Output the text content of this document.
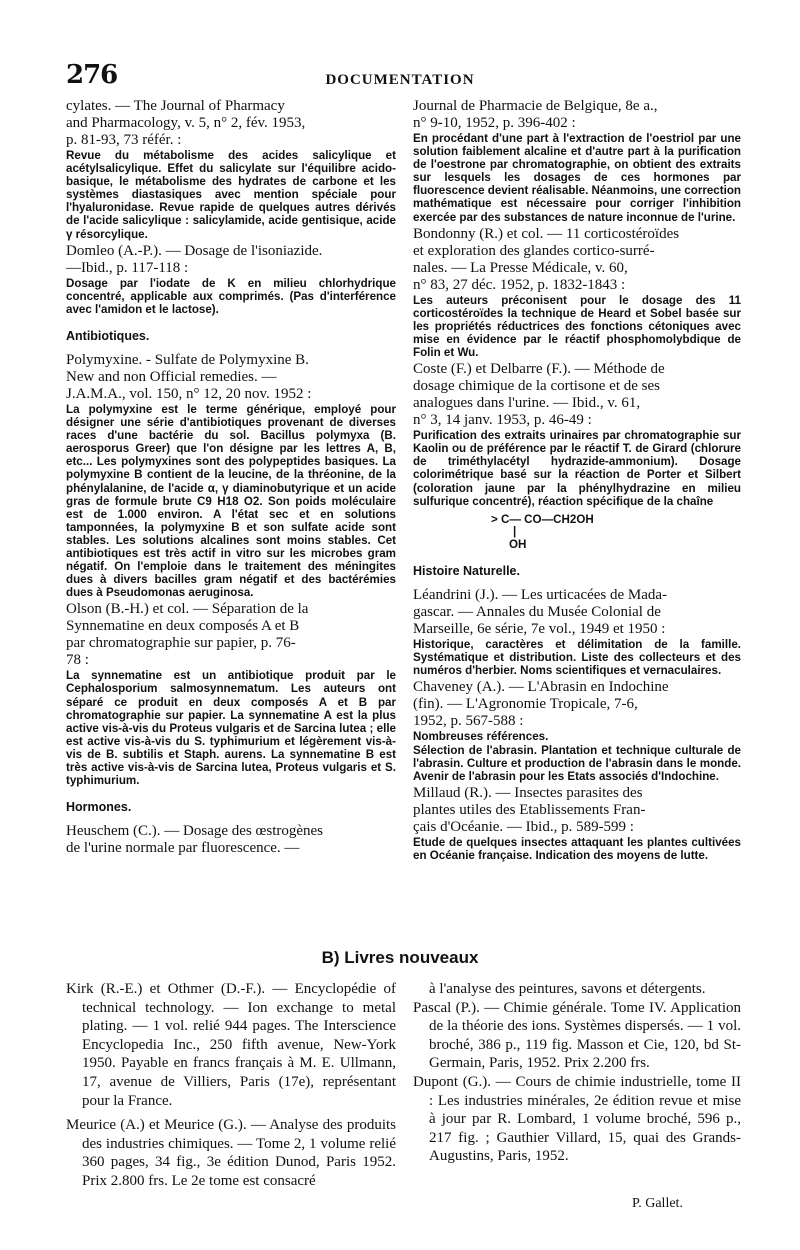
276	DOCUMENTATION
cylates. — The Journal of Pharmacy
and Pharmacology, v. 5, n° 2, fév. 1953,
p. 81-93, 73 référ. :

Revue du métabolisme des acides salicylique et acétylsalicylique. Effet du salicylate sur l'équilibre acido-basique, le métabolisme des hydrates de carbone et les systèmes diastasiques avec mention spéciale pour l'hyaluronidase. Revue rapide de quelques autres dérivés de l'acide salicylique : salicylamide, acide gentisique, acide γ résorcylique.

Domleo (A.-P.). — Dosage de l'isoniazide.
—Ibid., p. 117-118 :

Dosage par l'iodate de K en milieu chlorhydrique concentré, applicable aux comprimés. (Pas d'interférence avec l'amidon et le lactose).

Antibiotiques.
Polymyxine. - Sulfate de Polymyxine B.
New and non Official remedies. —
J.A.M.A., vol. 150, n° 12, 20 nov. 1952 :

La polymyxine est le terme générique, employé pour désigner une série d'antibiotiques provenant de diverses races d'une bactérie du sol. Bacillus polymyxa (B. aerosporus Greer) que l'on désigne par les lettres A, B, etc... Les polymyxines sont des polypeptides basiques. La polymyxine B contient de la leucine, de la thréonine, de la phénylalanine, de l'acide α, γ diaminobutyrique et un acide gras de formule brute C9 H18 O2. Son poids moléculaire est de 1.000 environ. A l'état sec et en solutions tamponnées, la polymyxine B et son sulfate acide sont stables. Les solutions alcalines sont moins stables. Cet antibiotiques est très actif in vitro sur les microbes gram négatif. On l'emploie dans le traitement des méningites dues à divers bacilles gram négatif et des bactérémies dues à Pseudomonas aeruginosa.

Olson (B.-H.) et col. — Séparation de la
Synnematine en deux composés A et B
par chromatographie sur papier, p. 76-
78 :

La synnematine est un antibiotique produit par le Cephalosporium salmosynnematum. Les auteurs ont séparé ce produit en deux composés A et B par chromatographie sur papier. La synnematine A est la plus active vis-à-vis du Proteus vulgaris et de Sarcina lutea ; elle est active vis-à-vis du S. typhimurium et légèrement vis-à-vis de B. subtilis et Staph. aurens. La synnematine B est très active vis-à-vis de Sarcina lutea, Proteus vulgaris et S. typhimurium.

Hormones.
Heuschem (C.). — Dosage des œstrogènes
de l'urine normale par fluorescence. —
Journal de Pharmacie de Belgique, 8e a.,
n° 9-10, 1952, p. 396-402 :

En procédant d'une part à l'extraction de l'oestriol par une solution faiblement alcaline et d'autre part à la purification de l'oestrone par chromatographie, on obtient des extraits sur lesquels les dosages de ces hormones par fluorescence devient réalisable. Néanmoins, une correction mathématique est nécessaire pour corriger l'inhibition exercée par des substances de nature inconnue de l'urine.

Bondonny (R.) et col. — 11 corticostéroïdes
et exploration des glandes cortico-surré-
nales. — La Presse Médicale, v. 60,
n° 83, 27 déc. 1952, p. 1832-1843 :

Les auteurs préconisent pour le dosage des 11 corticostéroïdes la technique de Heard et Sobel basée sur les propriétés réductrices des fonctions cétoniques avec mise en évidence par le réactif phosphomolybdique de Folin et Wu.

Coste (F.) et Delbarre (F.). — Méthode de
dosage chimique de la cortisone et de ses
analogues dans l'urine. — Ibid., v. 61,
n° 3, 14 janv. 1953, p. 46-49 :

Purification des extraits urinaires par chromatographie sur Kaolin ou de préférence par le réactif T. de Girard (chlorure de triméthylacétyl hydrazide-ammonium). Dosage colorimétrique basé sur la réaction de Porter et Silbert (coloration jaune par la phénylhydrazine en milieu sulfurique concentré), réaction spécifique de la chaîne

> C— CO—CH2OH
|
OH
Histoire Naturelle.
Léandrini (J.). — Les urticacées de Mada-
gascar. — Annales du Musée Colonial de
Marseille, 6e série, 7e vol., 1949 et 1950 :

Historique, caractères et délimitation de la famille. Systématique et distribution. Liste des collecteurs et des numéros d'herbier. Noms scientifiques et vernaculaires.

Chaveney (A.). — L'Abrasin en Indochine
(fin). — L'Agronomie Tropicale, 7-6,
1952, p. 567-588 :

Nombreuses références.

Sélection de l'abrasin. Plantation et technique culturale de l'abrasin. Culture et production de l'abrasin dans le monde. Avenir de l'abrasin pour les Etats associés d'Indochine.

Millaud (R.). — Insectes parasites des
plantes utiles des Etablissements Fran-
çais d'Océanie. — Ibid., p. 589-599 :

Etude de quelques insectes attaquant les plantes cultivées en Océanie française. Indication des moyens de lutte.

B) Livres nouveaux

Kirk (R.-E.) et Othmer (D.-F.). — Encyclopédie of technical technology. — Ion exchange to metal plating. — 1 vol. relié 944 pages. The Interscience Encyclopedia Inc., 250 fifth avenue, New-York 1950. Payable en francs français à M. E. Ullmann, 17, avenue de Villiers, Paris (17e), représentant pour la France.

Meurice (A.) et Meurice (G.). — Analyse des produits des industries chimiques. — Tome 2, 1 volume relié 360 pages, 34 fig., 3e édition Dunod, Paris 1952. Prix 2.800 frs. Le 2e tome est consacré

à l'analyse des peintures, savons et détergents.

Pascal (P.). — Chimie générale. Tome IV. Application de la théorie des ions. Systèmes dispersés. — 1 vol. broché, 386 p., 119 fig. Masson et Cie, 120, bd St-Germain, Paris, 1952. Prix 2.200 frs.

Dupont (G.). — Cours de chimie industrielle, tome II : Les industries minérales, 2e édition revue et mise à jour par R. Lombard, 1 volume broché, 596 p., 217 fig. ; Gauthier Villard, 15, quai des Grands-Augustins, Paris, 1952.

P. Gallet.
